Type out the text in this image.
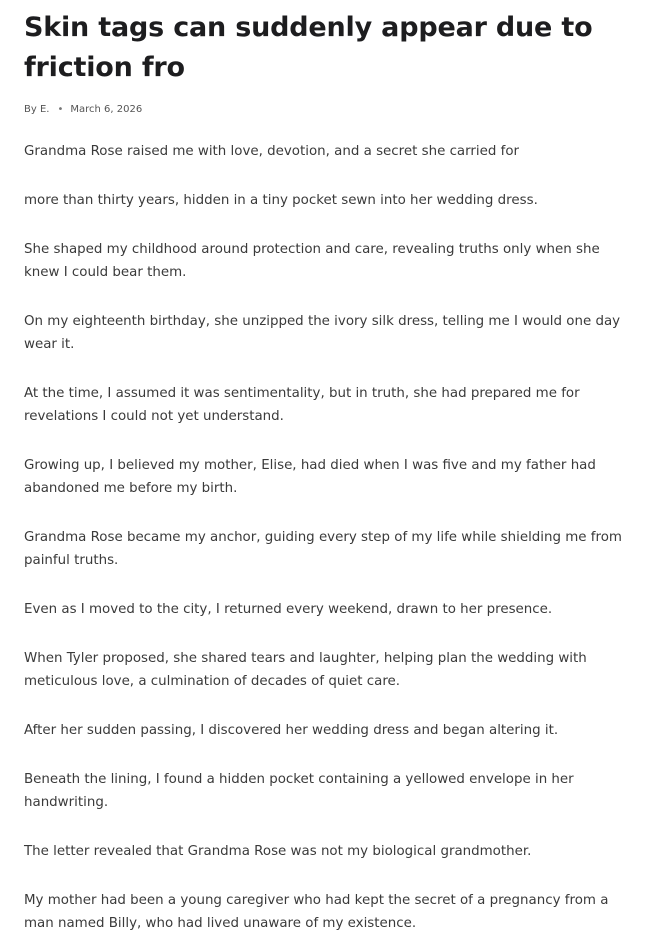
Skin tags can suddenly appear due to friction fro
By E. • March 6, 2026

Grandma Rose raised me with love, devotion, and a secret she carried for

more than thirty years, hidden in a tiny pocket sewn into her wedding dress.

She shaped my childhood around protection and care, revealing truths only when she knew I could bear them.

On my eighteenth birthday, she unzipped the ivory silk dress, telling me I would one day wear it.

At the time, I assumed it was sentimentality, but in truth, she had prepared me for revelations I could not yet understand.

Growing up, I believed my mother, Elise, had died when I was five and my father had abandoned me before my birth.

Grandma Rose became my anchor, guiding every step of my life while shielding me from painful truths.

Even as I moved to the city, I returned every weekend, drawn to her presence.

When Tyler proposed, she shared tears and laughter, helping plan the wedding with meticulous love, a culmination of decades of quiet care.

After her sudden passing, I discovered her wedding dress and began altering it.

Beneath the lining, I found a hidden pocket containing a yellowed envelope in her handwriting.

The letter revealed that Grandma Rose was not my biological grandmother.

My mother had been a young caregiver who had kept the secret of a pregnancy from a man named Billy, who had lived unaware of my existence.
